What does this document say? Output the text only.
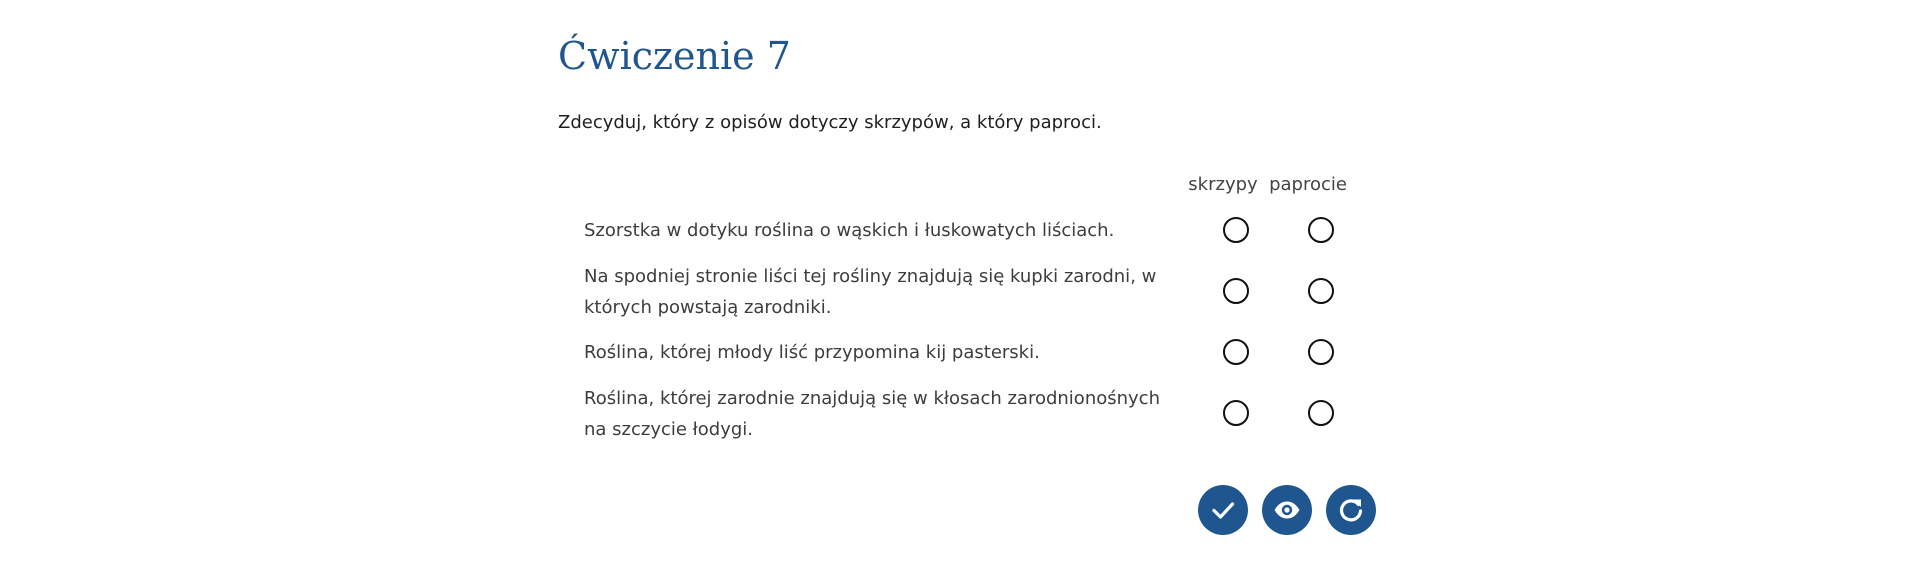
Ćwiczenie 7

Zdecyduj, który z opisów dotyczy skrzypów, a który paproci.

skrzypy paprocie
Szorstka w dotyku roślina o wąskich i łuskowatych liściach.
Na spodniej stronie liści tej rośliny znajdują się kupki zarodni, w których powstają zarodniki.
Roślina, której młody liść przypomina kij pasterski.
Roślina, której zarodnie znajdują się w kłosach zarodnionośnych na szczycie łodygi.
